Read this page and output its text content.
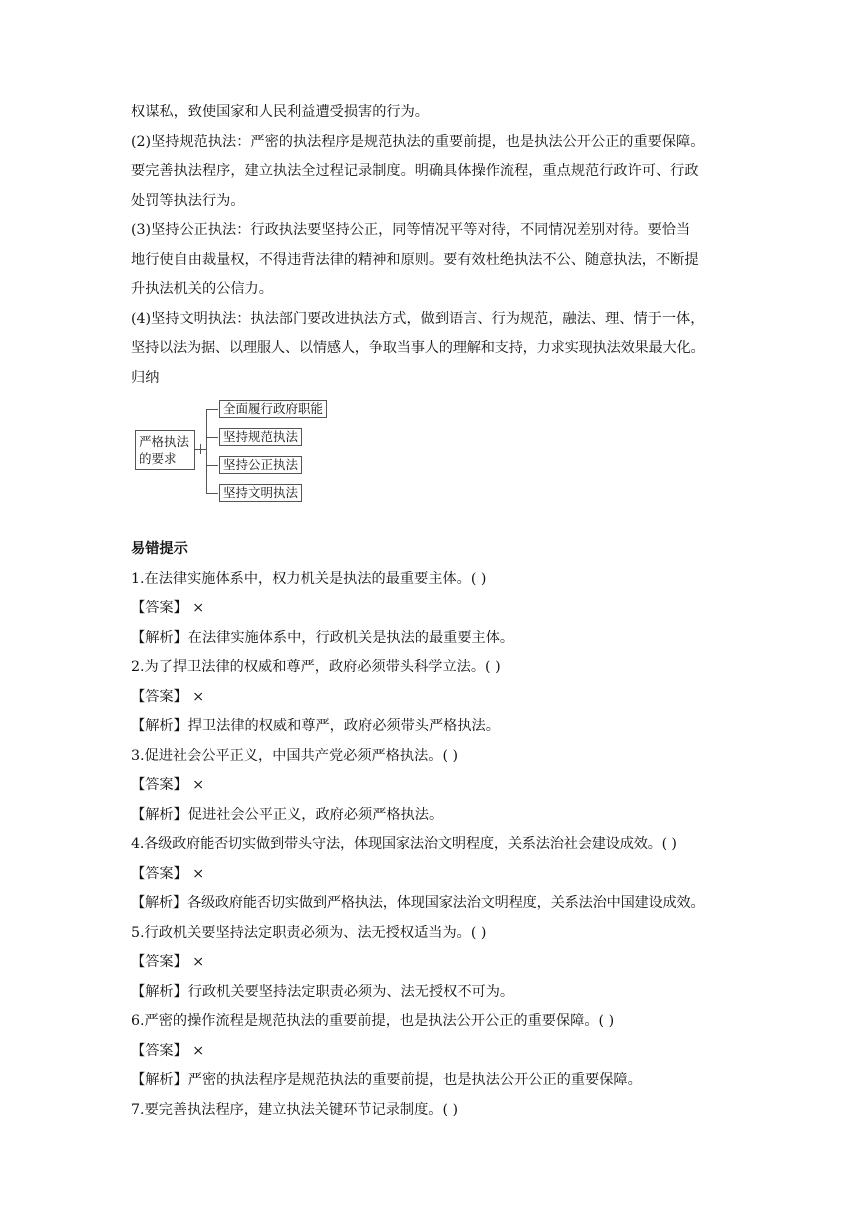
权谋私，致使国家和人民利益遭受损害的行为。
(2)坚持规范执法：严密的执法程序是规范执法的重要前提，也是执法公开公正的重要保障。
要完善执法程序，建立执法全过程记录制度。明确具体操作流程，重点规范行政许可、行政
处罚等执法行为。
(3)坚持公正执法：行政执法要坚持公正，同等情况平等对待，不同情况差别对待。要恰当
地行使自由裁量权，不得违背法律的精神和原则。要有效杜绝执法不公、随意执法，不断提
升执法机关的公信力。
(4)坚持文明执法：执法部门要改进执法方式，做到语言、行为规范，融法、理、情于一体，
坚持以法为据、以理服人、以情感人，争取当事人的理解和支持，力求实现执法效果最大化。
归纳
严格执法
的要求
全面履行政府职能
坚持规范执法
坚持公正执法
坚持文明执法
易错提示
1.在法律实施体系中，权力机关是执法的最重要主体。( )
【答案】 ×
【解析】在法律实施体系中，行政机关是执法的最重要主体。
2.为了捍卫法律的权威和尊严，政府必须带头科学立法。( )
【答案】 ×
【解析】捍卫法律的权威和尊严，政府必须带头严格执法。
3.促进社会公平正义，中国共产党必须严格执法。( )
【答案】 ×
【解析】促进社会公平正义，政府必须严格执法。
4.各级政府能否切实做到带头守法，体现国家法治文明程度，关系法治社会建设成效。( )
【答案】 ×
【解析】各级政府能否切实做到严格执法，体现国家法治文明程度，关系法治中国建设成效。
5.行政机关要坚持法定职责必须为、法无授权适当为。( )
【答案】 ×
【解析】行政机关要坚持法定职责必须为、法无授权不可为。
6.严密的操作流程是规范执法的重要前提，也是执法公开公正的重要保障。( )
【答案】 ×
【解析】严密的执法程序是规范执法的重要前提，也是执法公开公正的重要保障。
7.要完善执法程序，建立执法关键环节记录制度。( )
